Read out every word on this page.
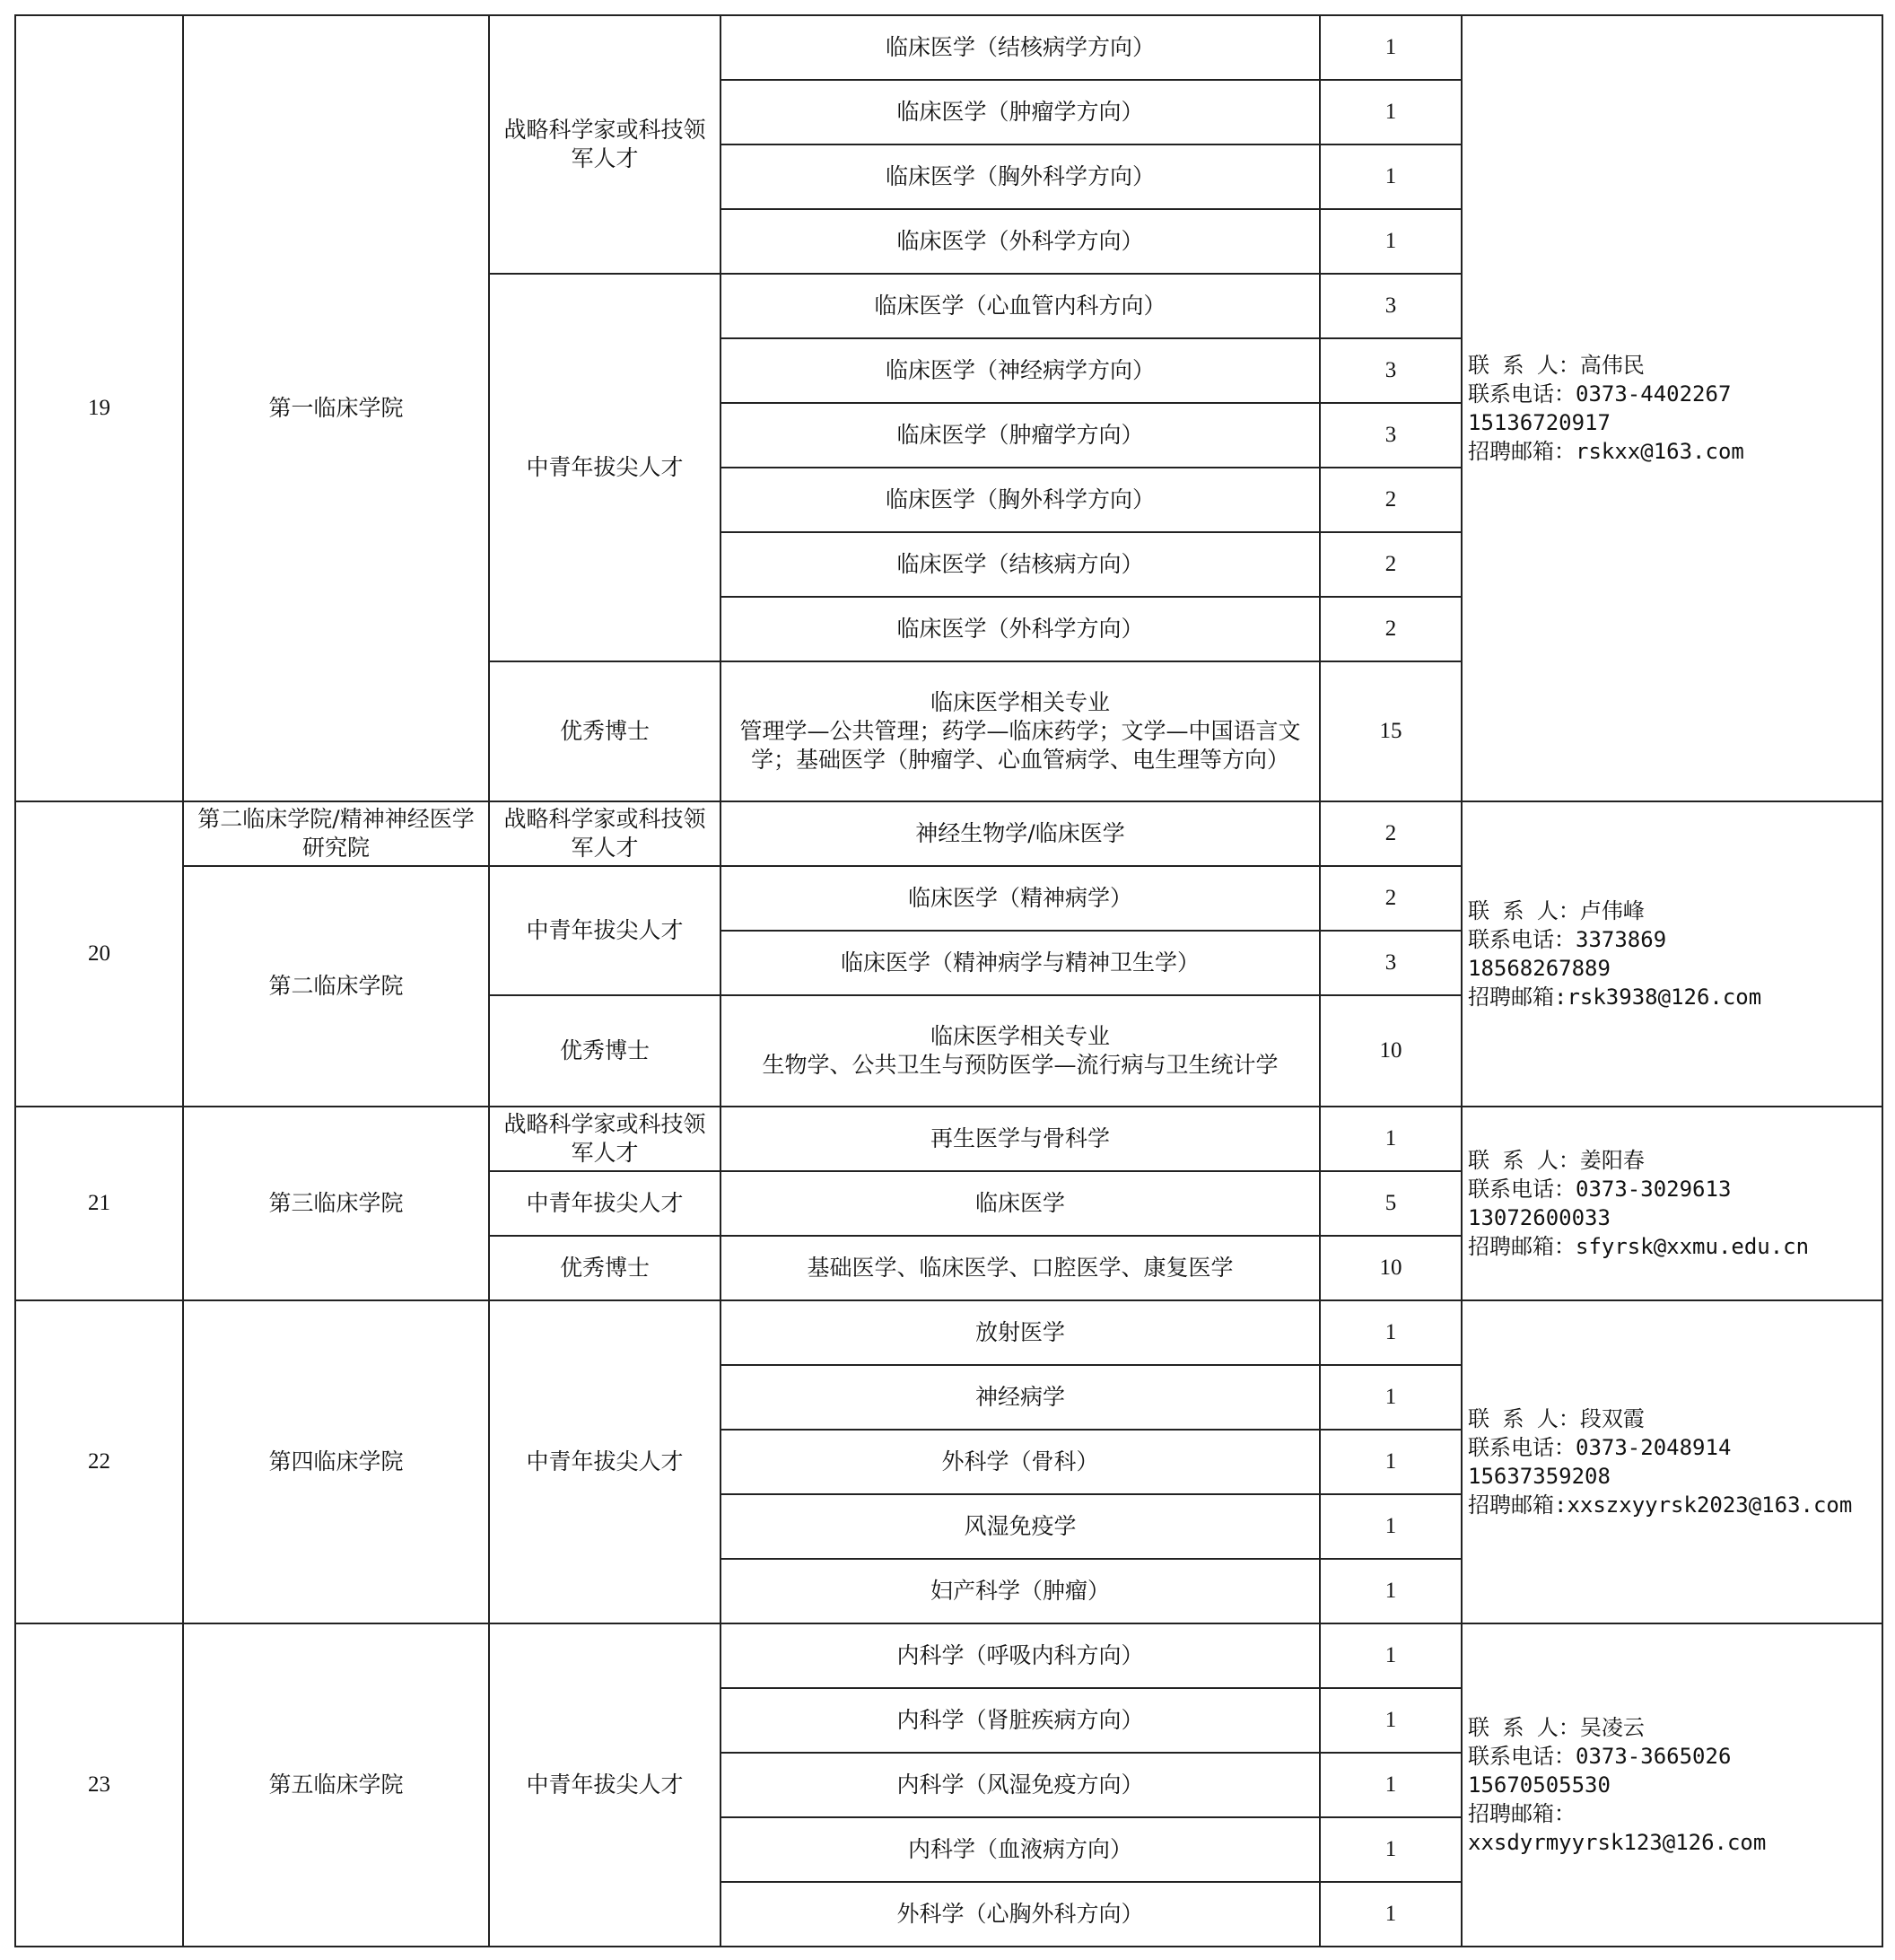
19	第一临床学院	战略科学家或科技领军人才	临床医学（结核病学方向）	1	联 系 人：高伟民
联系电话：0373-4402267
15136720917
招聘邮箱：rskxx@163.com

			临床医学（肿瘤学方向）	1	

			临床医学（胸外科学方向）	1	

			临床医学（外科学方向）	1	
		中青年拔尖人才	临床医学（心血管内科方向）	3	

			临床医学（神经病学方向）	3	

			临床医学（肿瘤学方向）	3	

			临床医学（胸外科学方向）	2	

			临床医学（结核病方向）	2	

			临床医学（外科学方向）	2	
		优秀博士	临床医学相关专业
管理学—公共管理；药学—临床药学；文学—中国语言文
学；基础医学（肿瘤学、心血管病学、电生理等方向）	15	
20	第二临床学院/精神神经医学研究院	战略科学家或科技领军人才	神经生物学/临床医学	2	联 系 人：卢伟峰
联系电话：3373869
18568267889
招聘邮箱:rsk3938@126.com

	第二临床学院	中青年拔尖人才	临床医学（精神病学）	2	

			临床医学（精神病学与精神卫生学）	3	
		优秀博士	临床医学相关专业
生物学、公共卫生与预防医学—流行病与卫生统计学	10	
21	第三临床学院	战略科学家或科技领军人才	再生医学与骨科学	1	联 系 人：姜阳春
联系电话：0373-3029613
13072600033
招聘邮箱：sfyrsk@xxmu.edu.cn

		中青年拔尖人才	临床医学	5	
		优秀博士	基础医学、临床医学、口腔医学、康复医学	10	
22	第四临床学院	中青年拔尖人才	放射医学	1	联 系 人：段双霞
联系电话：0373-2048914
15637359208
招聘邮箱:xxszxyyrsk2023@163.com

			神经病学	1	

			外科学（骨科）	1	

			风湿免疫学	1	

			妇产科学（肿瘤）	1	
23	第五临床学院	中青年拔尖人才	内科学（呼吸内科方向）	1	联 系 人：吴凌云
联系电话：0373-3665026
15670505530
招聘邮箱： xxsdyrmyyrsk123@126.com

			内科学（肾脏疾病方向）	1	

			内科学（风湿免疫方向）	1	

			内科学（血液病方向）	1	

			外科学（心胸外科方向）	1	
